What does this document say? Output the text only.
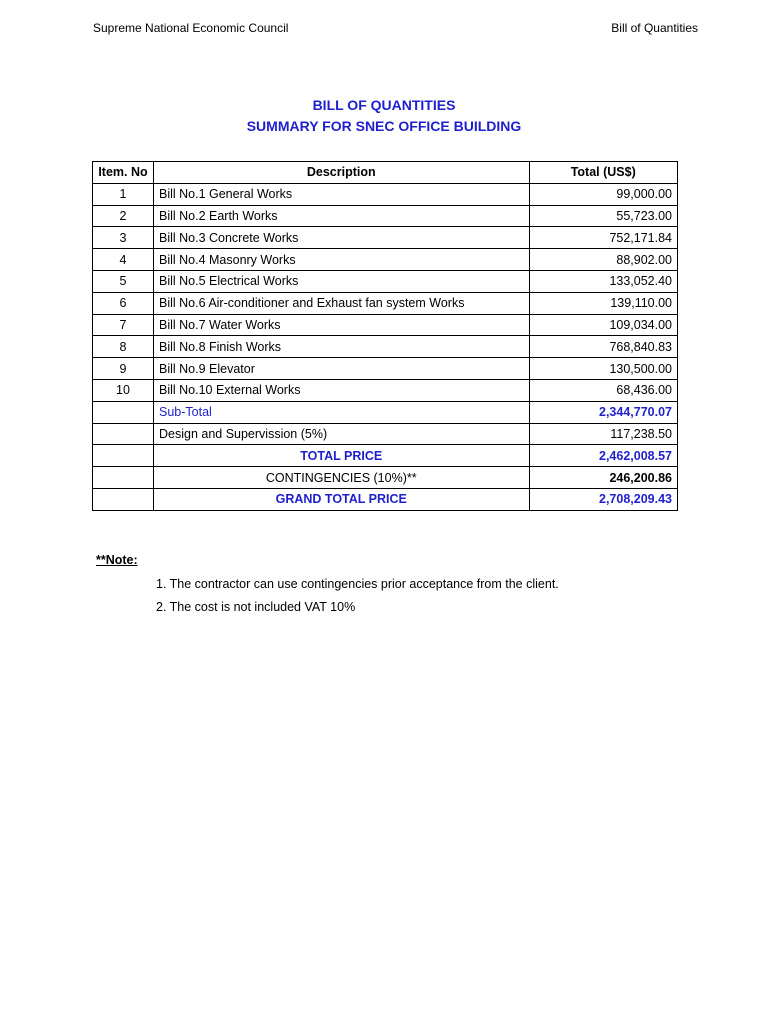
Supreme National Economic Council	Bill of Quantities
BILL OF QUANTITIES
SUMMARY FOR SNEC OFFICE BUILDING
Item. No	Description	Total (US$)
1	Bill No.1 General Works	99,000.00
2	Bill No.2 Earth Works	55,723.00
3	Bill No.3 Concrete Works	752,171.84
4	Bill No.4 Masonry Works	88,902.00
5	Bill No.5 Electrical Works	133,052.40
6	Bill No.6 Air-conditioner and Exhaust fan system Works	139,110.00
7	Bill No.7 Water Works	109,034.00
8	Bill No.8 Finish Works	768,840.83
9	Bill No.9 Elevator	130,500.00
10	Bill No.10 External Works	68,436.00
	Sub-Total	2,344,770.07
	Design and Supervission (5%)	117,238.50
	TOTAL PRICE	2,462,008.57
	CONTINGENCIES (10%)**	246,200.86
	GRAND TOTAL PRICE	2,708,209.43
**Note:
1. The contractor can use contingencies prior acceptance from the client.
2. The cost is not included VAT 10%
